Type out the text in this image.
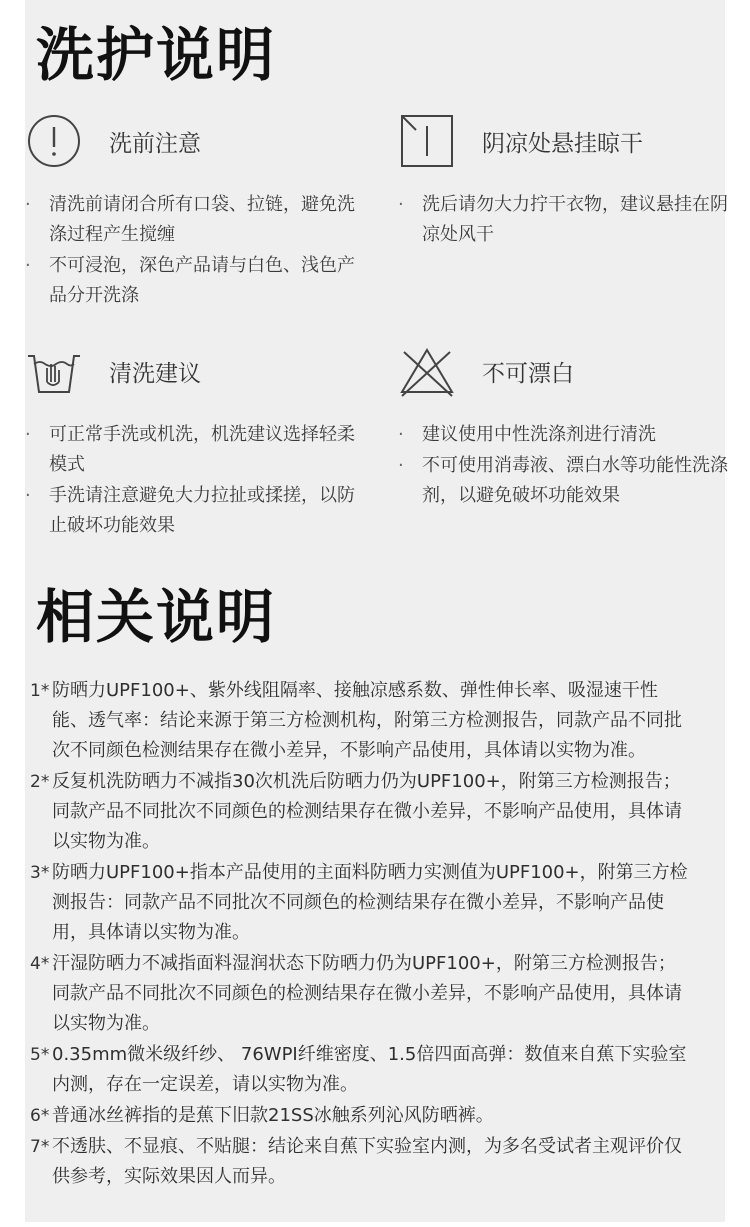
洗护说明
洗前注意
· 清洗前请闭合所有口袋、拉链，避免洗涤过程产生搅缠
· 不可浸泡，深色产品请与白色、浅色产品分开洗涤
阴凉处悬挂晾干
· 洗后请勿大力拧干衣物，建议悬挂在阴凉处风干
清洗建议
· 可正常手洗或机洗，机洗建议选择轻柔模式
· 手洗请注意避免大力拉扯或揉搓，以防止破坏功能效果
不可漂白
· 建议使用中性洗涤剂进行清洗
· 不可使用消毒液、漂白水等功能性洗涤剂，以避免破坏功能效果
相关说明
1* 防晒力UPF100+、紫外线阻隔率、接触凉感系数、弹性伸长率、吸湿速干性能、透气率：结论来源于第三方检测机构，附第三方检测报告，同款产品不同批次不同颜色检测结果存在微小差异，不影响产品使用，具体请以实物为准。
2* 反复机洗防晒力不减指30次机洗后防晒力仍为UPF100+，附第三方检测报告；同款产品不同批次不同颜色的检测结果存在微小差异，不影响产品使用，具体请以实物为准。
3* 防晒力UPF100+指本产品使用的主面料防晒力实测值为UPF100+，附第三方检测报告：同款产品不同批次不同颜色的检测结果存在微小差异，不影响产品使用，具体请以实物为准。
4* 汗湿防晒力不减指面料湿润状态下防晒力仍为UPF100+，附第三方检测报告；同款产品不同批次不同颜色的检测结果存在微小差异，不影响产品使用，具体请以实物为准。
5* 0.35mm微米级纤纱、 76WPI纤维密度、1.5倍四面高弹：数值来自蕉下实验室内测，存在一定误差，请以实物为准。
6* 普通冰丝裤指的是蕉下旧款21SS冰触系列沁风防晒裤。
7* 不透肤、不显痕、不贴腿：结论来自蕉下实验室内测，为多名受试者主观评价仅供参考，实际效果因人而异。
